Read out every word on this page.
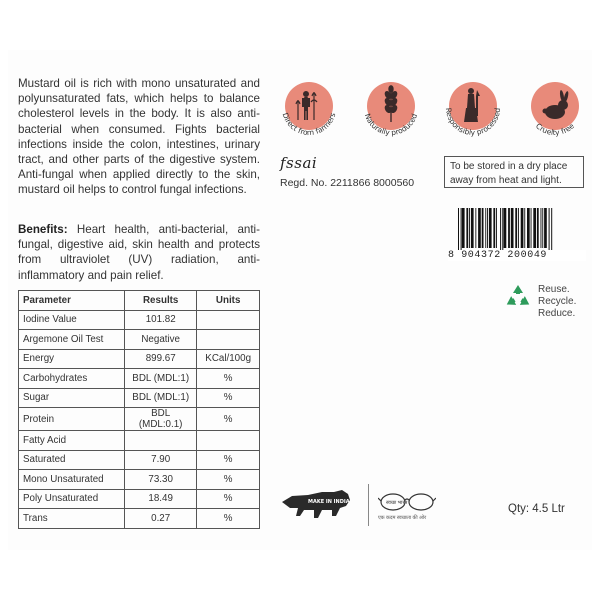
Mustard oil is rich with mono unsaturated and polyunsaturated fats, which helps to balance cholesterol levels in the body. It is also anti-bacterial when consumed. Fights bacterial infections inside the colon, intestines, urinary tract, and other parts of the digestive system. Anti-fungal when applied directly to the skin, mustard oil helps to control fungal infections.
Benefits: Heart health, anti-bacterial, anti-fungal, digestive aid, skin health and protects from ultraviolet (UV) radiation, anti-inflammatory and pain relief.
Parameter	Results	Units
Iodine Value	101.82	
Argemone Oil Test	Negative	
Energy	899.67	KCal/100g
Carbohydrates	BDL (MDL:1)	%
Sugar	BDL (MDL:1)	%
Protein	BDL (MDL:0.1)	%
Fatty Acid		
Saturated	7.90	%
Mono Unsaturated	73.30	%
Poly Unsaturated	18.49	%
Trans	0.27	%
Direct from farmers	Naturally produced
Responsibly processed
Cruelty free
fssai
Regd. No. 2211866 8000560
To be stored in a dry place away from heat and light.
8 904372 200049
Reuse.
Recycle.
Reduce.
MAKE IN INDIA	स्वच्छ भारत
एक कदम स्वच्छता की ओर
Qty: 4.5 Ltr
